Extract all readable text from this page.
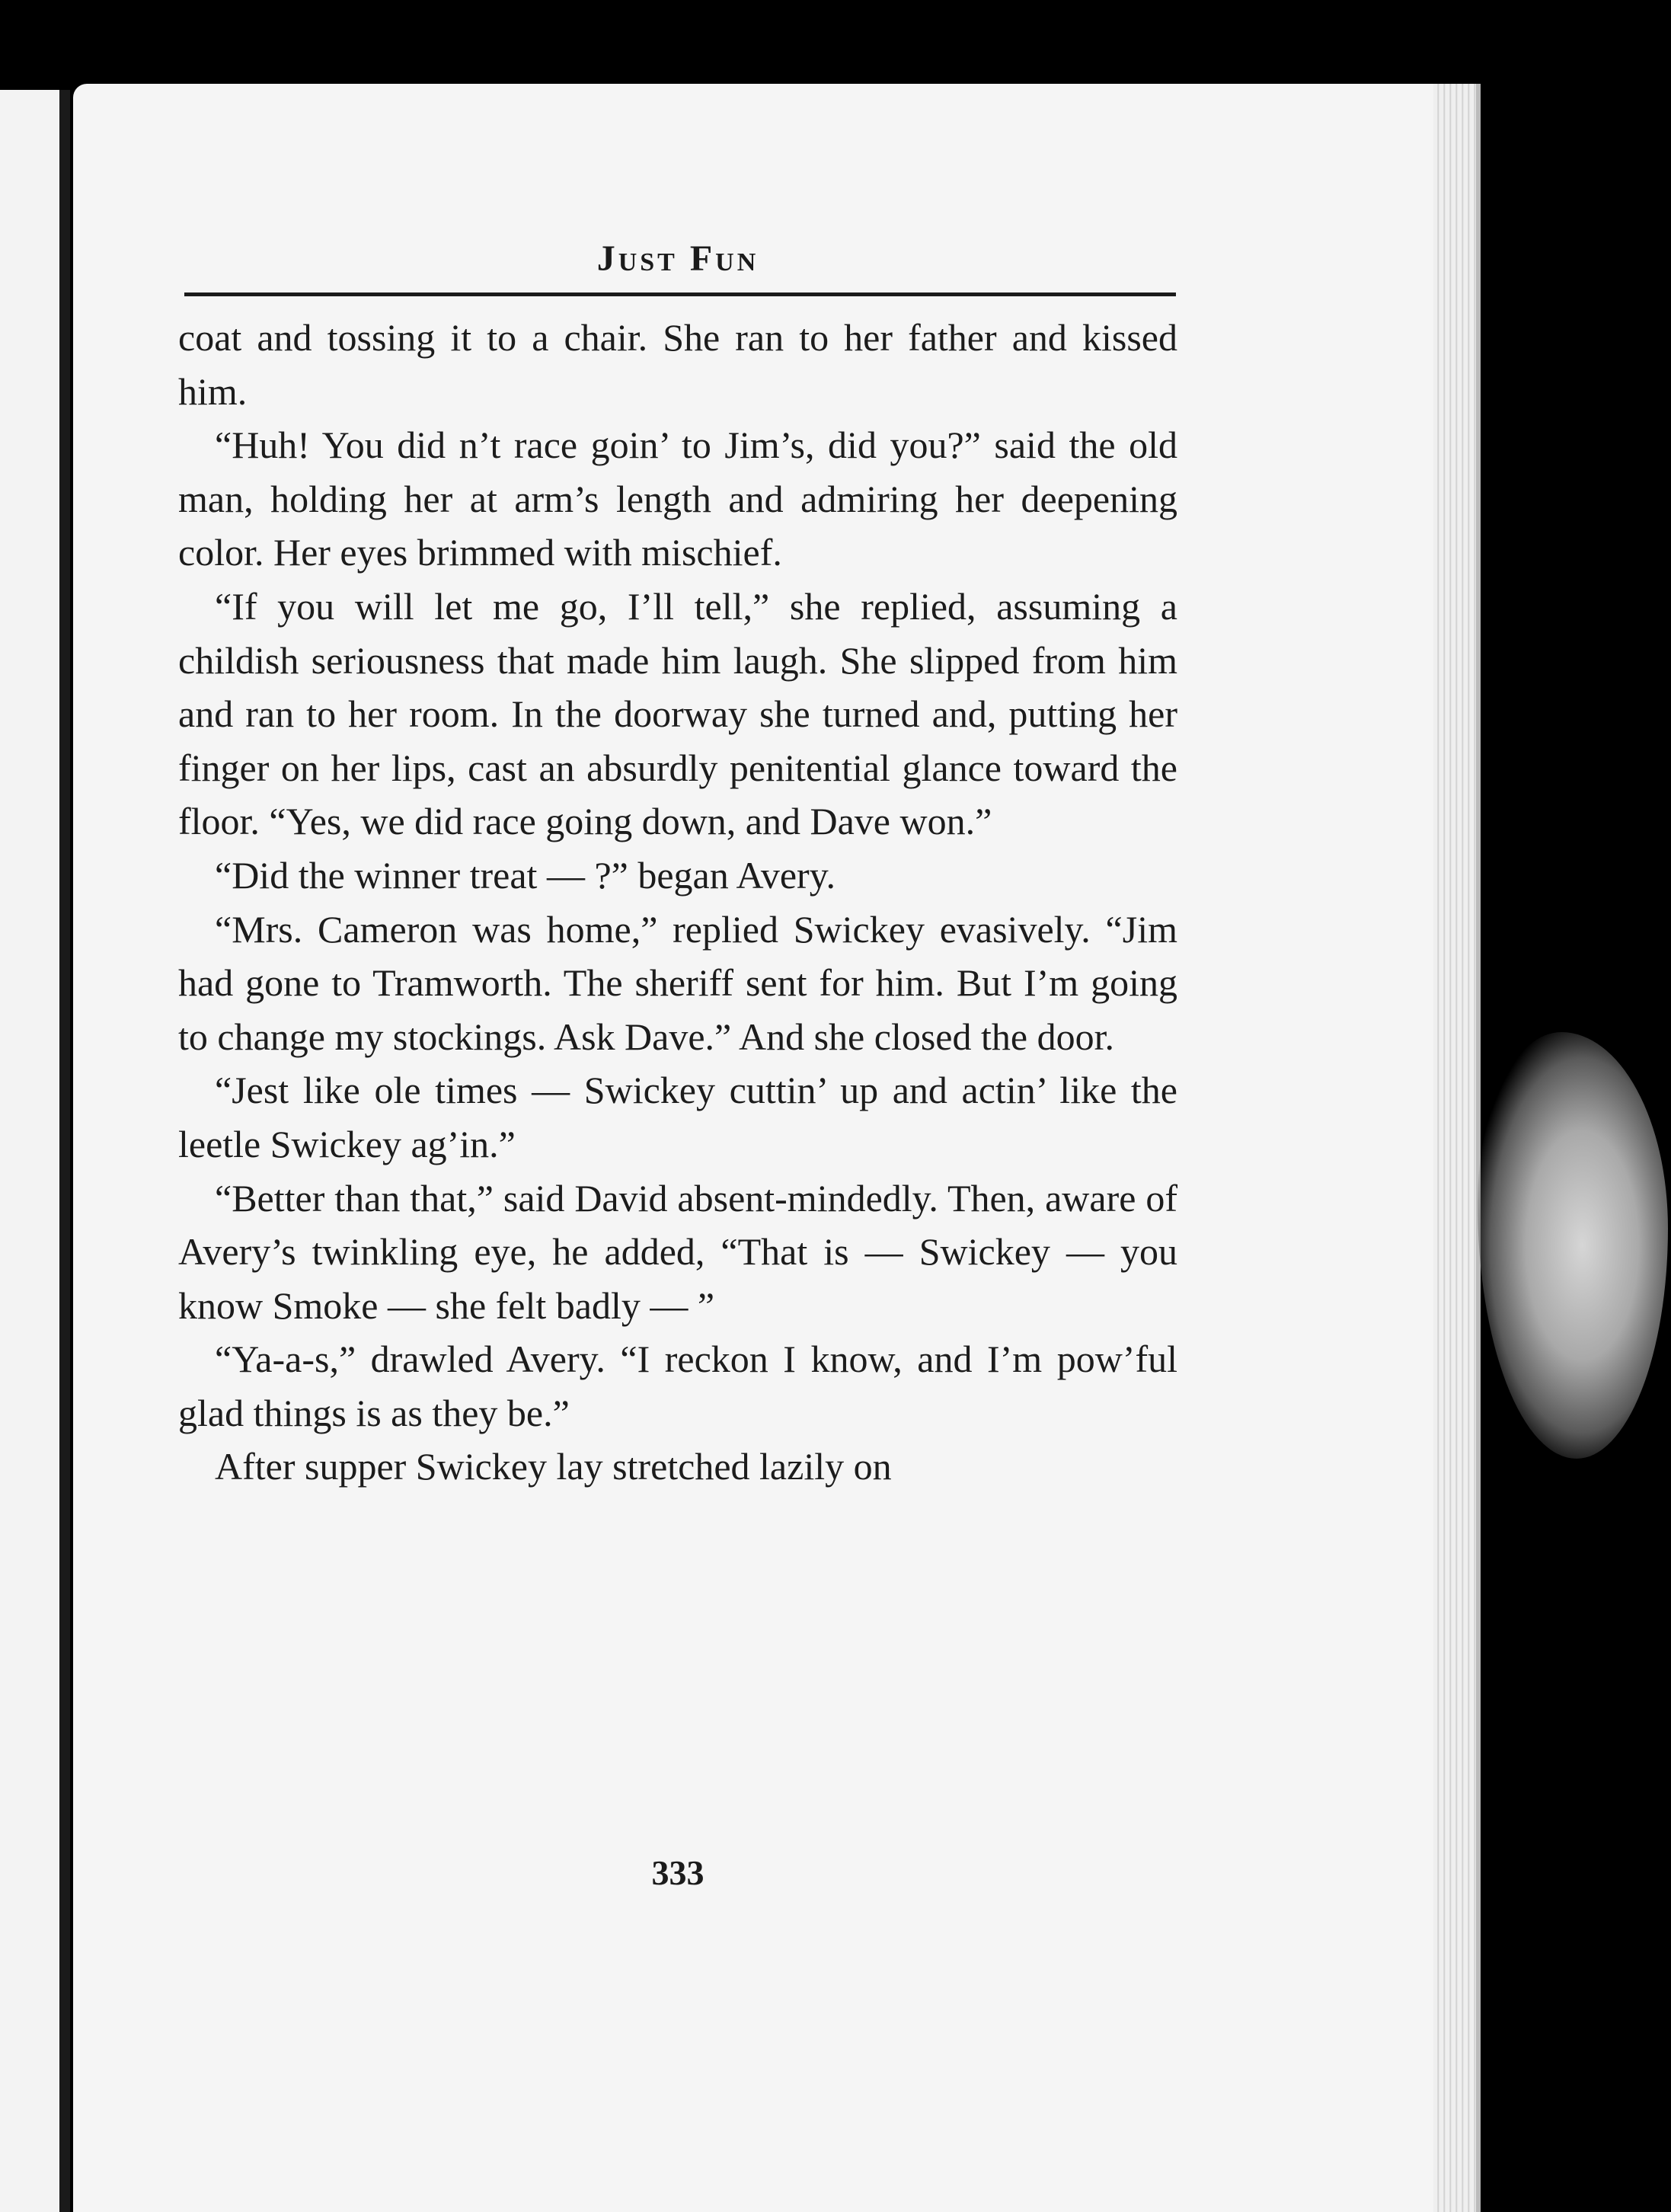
Just Fun

coat and tossing it to a chair. She ran to her father and kissed him.

“Huh! You did n’t race goin’ to Jim’s, did you?” said the old man, holding her at arm’s length and admiring her deepening color. Her eyes brimmed with mischief.

“If you will let me go, I’ll tell,” she replied, assuming a childish seriousness that made him laugh. She slipped from him and ran to her room. In the doorway she turned and, putting her finger on her lips, cast an absurdly penitential glance toward the floor. “Yes, we did race going down, and Dave won.”

“Did the winner treat — ?” began Avery.

“Mrs. Cameron was home,” replied Swickey evasively. “Jim had gone to Tramworth. The sheriff sent for him. But I’m going to change my stockings. Ask Dave.” And she closed the door.

“Jest like ole times — Swickey cuttin’ up and actin’ like the leetle Swickey ag’in.”

“Better than that,” said David absent-mindedly. Then, aware of Avery’s twinkling eye, he added, “That is — Swickey — you know Smoke — she felt badly — ”

“Ya-a-s,” drawled Avery. “I reckon I know, and I’m pow’ful glad things is as they be.”

After supper Swickey lay stretched lazily on

333
